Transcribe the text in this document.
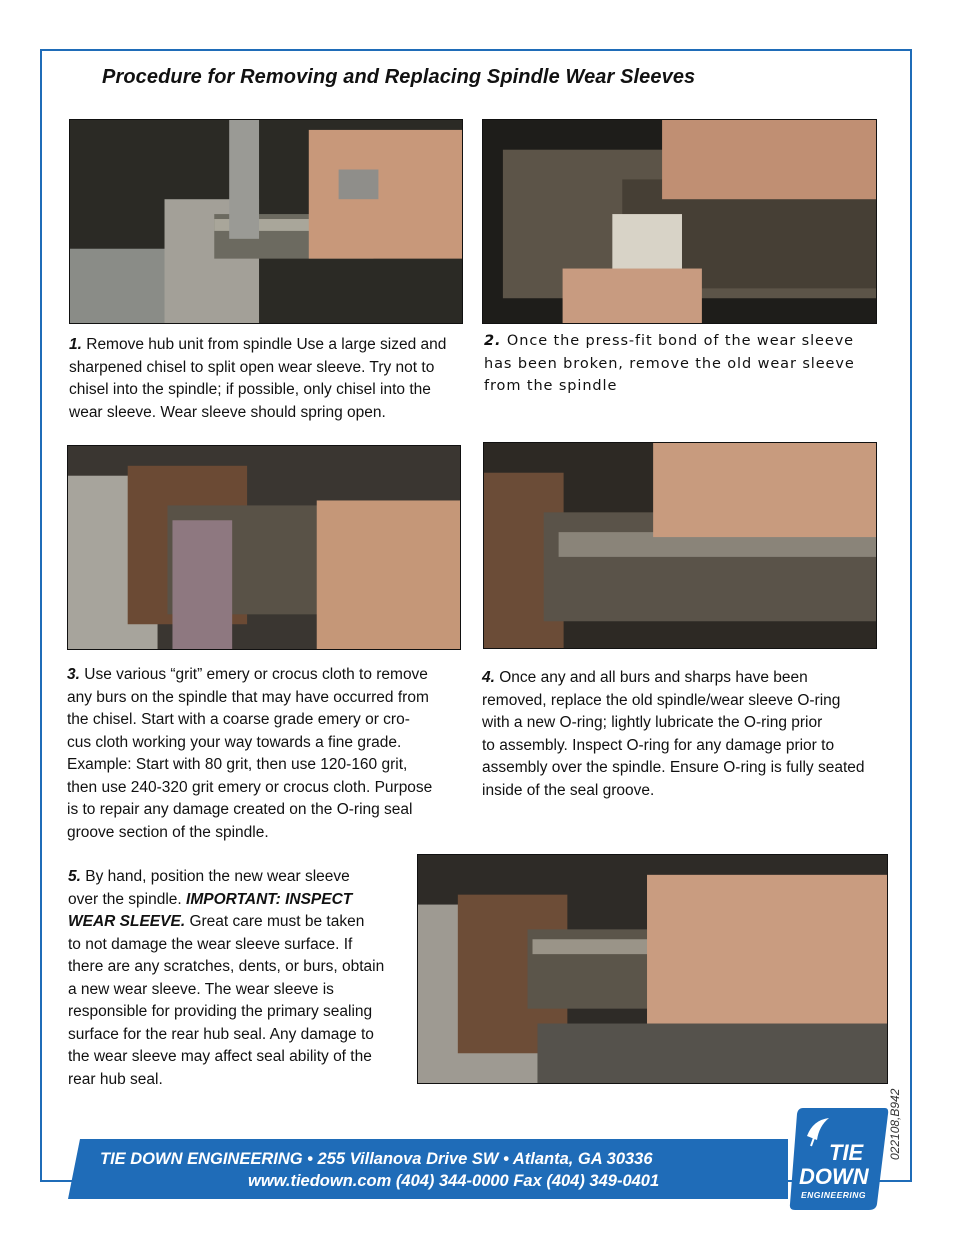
Procedure for Removing and Replacing Spindle Wear Sleeves
1. Remove hub unit from spindle Use a large sized and
sharpened chisel to split open wear sleeve. Try not to
chisel into the spindle; if possible, only chisel into the
wear sleeve. Wear sleeve should spring open.
2. Once the press-fit bond of the wear sleeve
has been broken, remove the old wear sleeve
from the spindle
3. Use various “grit” emery or crocus cloth to remove
any burs on the spindle that may have occurred from
the chisel. Start with a coarse grade emery or cro-
cus cloth working your way towards a fine grade.
Example: Start with 80 grit, then use 120-160 grit,
then use 240-320 grit emery or crocus cloth. Purpose
is to repair any damage created on the O-ring seal
groove section of the spindle.
4. Once any and all burs and sharps have been
removed, replace the old spindle/wear sleeve O-ring
with a new O-ring; lightly lubricate the O-ring prior
to assembly. Inspect O-ring for any damage prior to
assembly over the spindle. Ensure O-ring is fully seated
inside of the seal groove.
5. By hand, position the new wear sleeve
over the spindle. IMPORTANT: INSPECT
WEAR SLEEVE. Great care must be taken
to not damage the wear sleeve surface. If
there are any scratches, dents, or burs, obtain
a new wear sleeve. The wear sleeve is
responsible for providing the primary sealing
surface for the rear hub seal. Any damage to
the wear sleeve may affect seal ability of the
rear hub seal.
TIE DOWN ENGINEERING • 255 Villanova Drive SW • Atlanta, GA 30336
www.tiedown.com (404) 344-0000 Fax (404) 349-0401
022108,B942
TIE
DOWN
ENGINEERING
